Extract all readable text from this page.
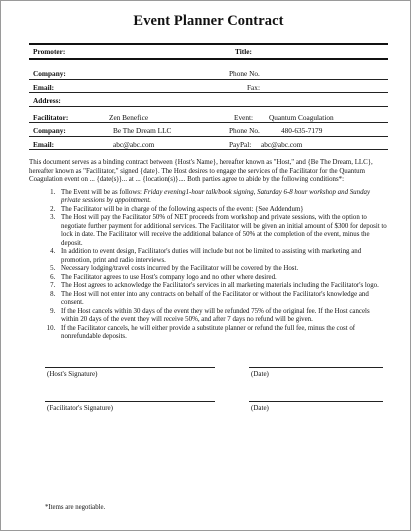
Event Planner Contract
Promoter:	Title:
Company:	Phone No.
Email:	Fax:
Address:
Facilitator:	Zen Benefice	Event: Quantum Coagulation
Company:	Be The Dream LLC	Phone No.	480-635-7179
Email:	abc@abc.com	PayPal: abc@abc.com
This document serves as a binding contract between {Host's Name}, hereafter known as "Host," and {Be The Dream, LLC}, hereafter known as "Facilitator," signed {date}. The Host desires to engage the services of the Facilitator for the Quantum Coagulation event on ... {date(s)}... at ... {location(s)}.... Both parties agree to abide by the following conditions*:
1. The Event will be as follows: Friday evening1-hour talk/book signing, Saturday 6-8 hour workshop and Sunday private sessions by appointment.
2. The Facilitator will be in charge of the following aspects of the event: {See Addendum}
3. The Host will pay the Facilitator 50% of NET proceeds from workshop and private sessions, with the option to negotiate further payment for additional services. The Facilitator will be given an initial amount of $300 for deposit to lock in date. The Facilitator will receive the additional balance of 50% at the completion of the event, minus the deposit.
4. In addition to event design, Facilitator's duties will include but not be limited to assisting with marketing and promotion, print and radio interviews.
5. Necessary lodging/travel costs incurred by the Facilitator will be covered by the Host.
6. The Facilitator agrees to use Host's company logo and no other where desired.
7. The Host agrees to acknowledge the Facilitator's services in all marketing materials including the Facilitator's logo.
8. The Host will not enter into any contracts on behalf of the Facilitator or without the Facilitator's knowledge and consent.
9. If the Host cancels within 30 days of the event they will be refunded 75% of the original fee. If the Host cancels within 20 days of the event they will receive 50%, and after 7 days no refund will be given.
10. If the Facilitator cancels, he will either provide a substitute planner or refund the full fee, minus the cost of nonrefundable deposits.
(Host's Signature)	(Date)
(Facilitator's Signature)	(Date)
*Items are negotiable.
